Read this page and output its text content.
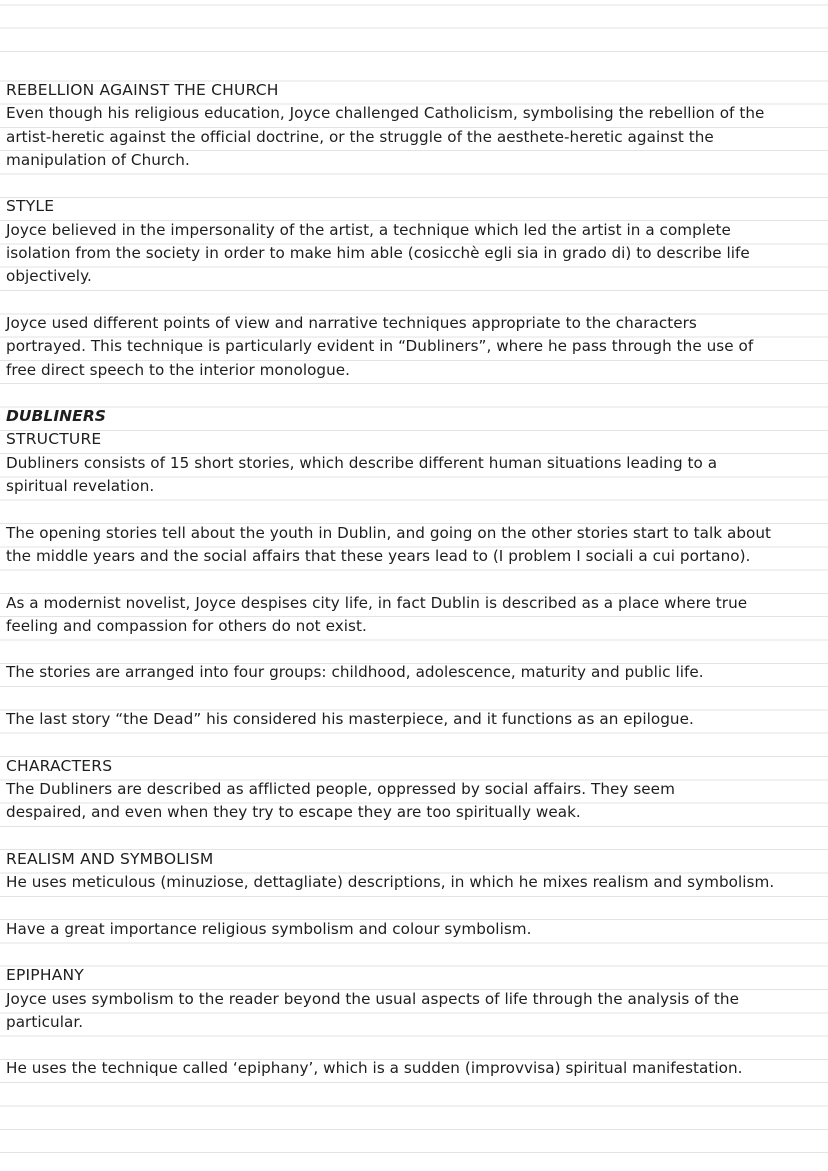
REBELLION AGAINST THE CHURCH
Even though his religious education, Joyce challenged Catholicism, symbolising the rebellion of the
artist-heretic against the official doctrine, or the struggle of the aesthete-heretic against the
manipulation of Church.
STYLE
Joyce believed in the impersonality of the artist, a technique which led the artist in a complete
isolation from the society in order to make him able (cosicchè egli sia in grado di) to describe life
objectively.
Joyce used different points of view and narrative techniques appropriate to the characters
portrayed. This technique is particularly evident in “Dubliners”, where he pass through the use of
free direct speech to the interior monologue.
DUBLINERS
STRUCTURE
Dubliners consists of 15 short stories, which describe different human situations leading to a
spiritual revelation.
The opening stories tell about the youth in Dublin, and going on the other stories start to talk about
the middle years and the social affairs that these years lead to (I problem I sociali a cui portano).
As a modernist novelist, Joyce despises city life, in fact Dublin is described as a place where true
feeling and compassion for others do not exist.
The stories are arranged into four groups: childhood, adolescence, maturity and public life.
The last story “the Dead” his considered his masterpiece, and it functions as an epilogue.
CHARACTERS
The Dubliners are described as afflicted people, oppressed by social affairs. They seem
despaired, and even when they try to escape they are too spiritually weak.
REALISM AND SYMBOLISM
He uses meticulous (minuziose, dettagliate) descriptions, in which he mixes realism and symbolism.
Have a great importance religious symbolism and colour symbolism.
EPIPHANY
Joyce uses symbolism to the reader beyond the usual aspects of life through the analysis of the
particular.
He uses the technique called ‘epiphany’, which is a sudden (improvvisa) spiritual manifestation.
